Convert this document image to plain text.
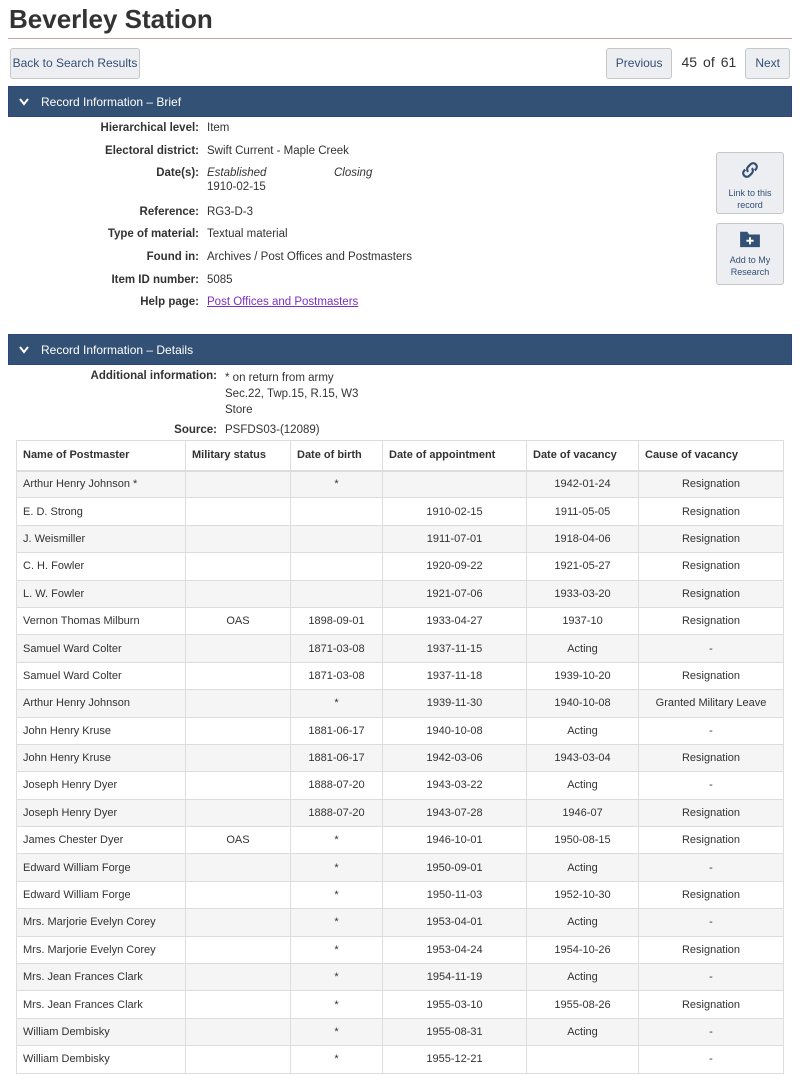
Beverley Station
Back to Search Results	Previous	45 of 61	Next
Record Information – Brief
Hierarchical level: Item
Electoral district: Swift Current - Maple Creek
Date(s): Established	Closing
1910-02-15
Reference: RG3-D-3
Type of material: Textual material
Found in: Archives / Post Offices and Postmasters
Item ID number: 5085
Help page: Post Offices and Postmasters
Link to this
record
Add to My
Research
Record Information – Details
Additional information: * on return from army
Sec.22, Twp.15, R.15, W3
Store
Source: PSFDS03-(12089)
Name of Postmaster	Military status	Date of birth	Date of appointment	Date of vacancy	Cause of vacancy
Arthur Henry Johnson *		*		1942-01-24	Resignation
E. D. Strong			1910-02-15	1911-05-05	Resignation
J. Weismiller			1911-07-01	1918-04-06	Resignation
C. H. Fowler			1920-09-22	1921-05-27	Resignation
L. W. Fowler			1921-07-06	1933-03-20	Resignation
Vernon Thomas Milburn	OAS	1898-09-01	1933-04-27	1937-10	Resignation
Samuel Ward Colter		1871-03-08	1937-11-15	Acting	-
Samuel Ward Colter		1871-03-08	1937-11-18	1939-10-20	Resignation
Arthur Henry Johnson		*	1939-11-30	1940-10-08	Granted Military Leave
John Henry Kruse		1881-06-17	1940-10-08	Acting	-
John Henry Kruse		1881-06-17	1942-03-06	1943-03-04	Resignation
Joseph Henry Dyer		1888-07-20	1943-03-22	Acting	-
Joseph Henry Dyer		1888-07-20	1943-07-28	1946-07	Resignation
James Chester Dyer	OAS	*	1946-10-01	1950-08-15	Resignation
Edward William Forge		*	1950-09-01	Acting	-
Edward William Forge		*	1950-11-03	1952-10-30	Resignation
Mrs. Marjorie Evelyn Corey		*	1953-04-01	Acting	-
Mrs. Marjorie Evelyn Corey		*	1953-04-24	1954-10-26	Resignation
Mrs. Jean Frances Clark		*	1954-11-19	Acting	-
Mrs. Jean Frances Clark		*	1955-03-10	1955-08-26	Resignation
William Dembisky		*	1955-08-31	Acting	-
William Dembisky		*	1955-12-21		-
